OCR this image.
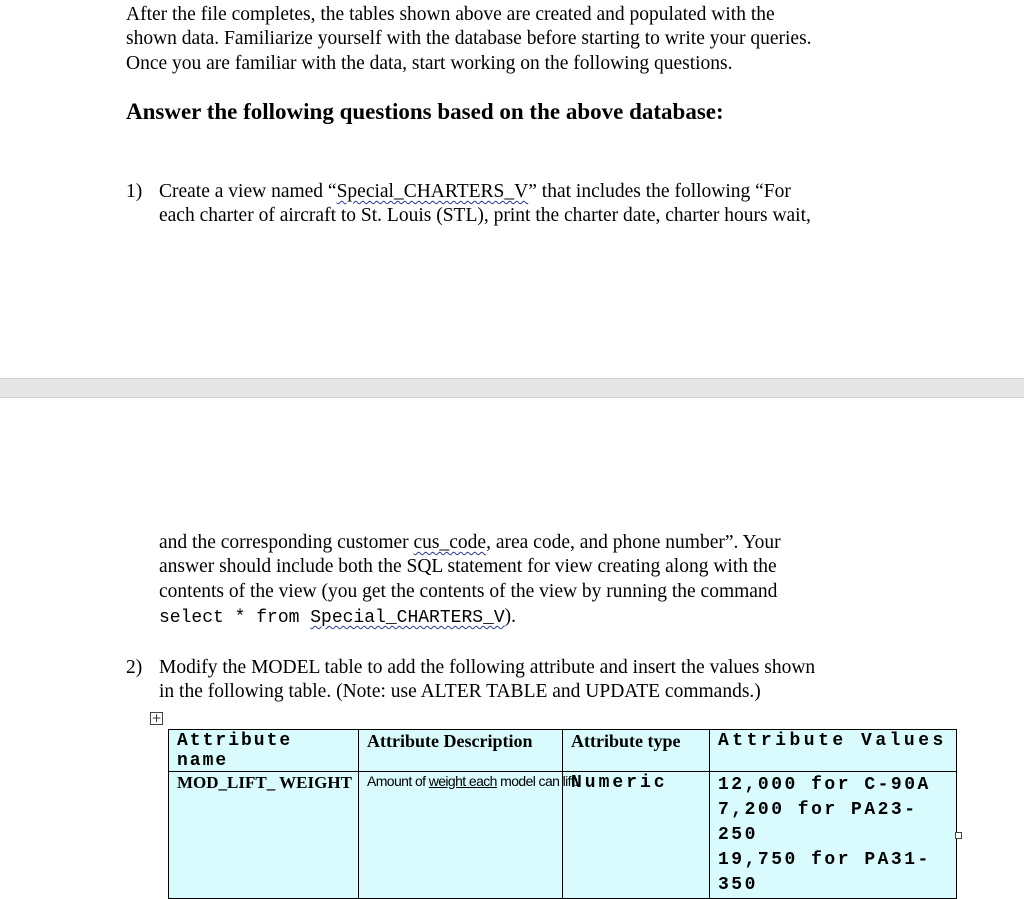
After the file completes, the tables shown above are created and populated with the

shown data. Familiarize yourself with the database before starting to write your queries.

Once you are familiar with the data, start working on the following questions.

Answer the following questions based on the above database:
1) Create a view named “Special_CHARTERS_V” that includes the following “For

each charter of aircraft to St. Louis (STL), print the charter date, charter hours wait,

and the corresponding customer cus_code, area code, and phone number”. Your

answer should include both the SQL statement for view creating along with the

contents of the view (you get the contents of the view by running the command

select * from Special_CHARTERS_V).

2) Modify the MODEL table to add the following attribute and insert the values shown

in the following table. (Note: use ALTER TABLE and UPDATE commands.)

+
Attribute name	Attribute Description	Attribute type	Attribute Values
MOD_LIFT_ WEIGHT	Amount of weight each model can lift:	Numeric	12,000 for C-90A
7,200 for PA23-250
19,750 for PA31-350
